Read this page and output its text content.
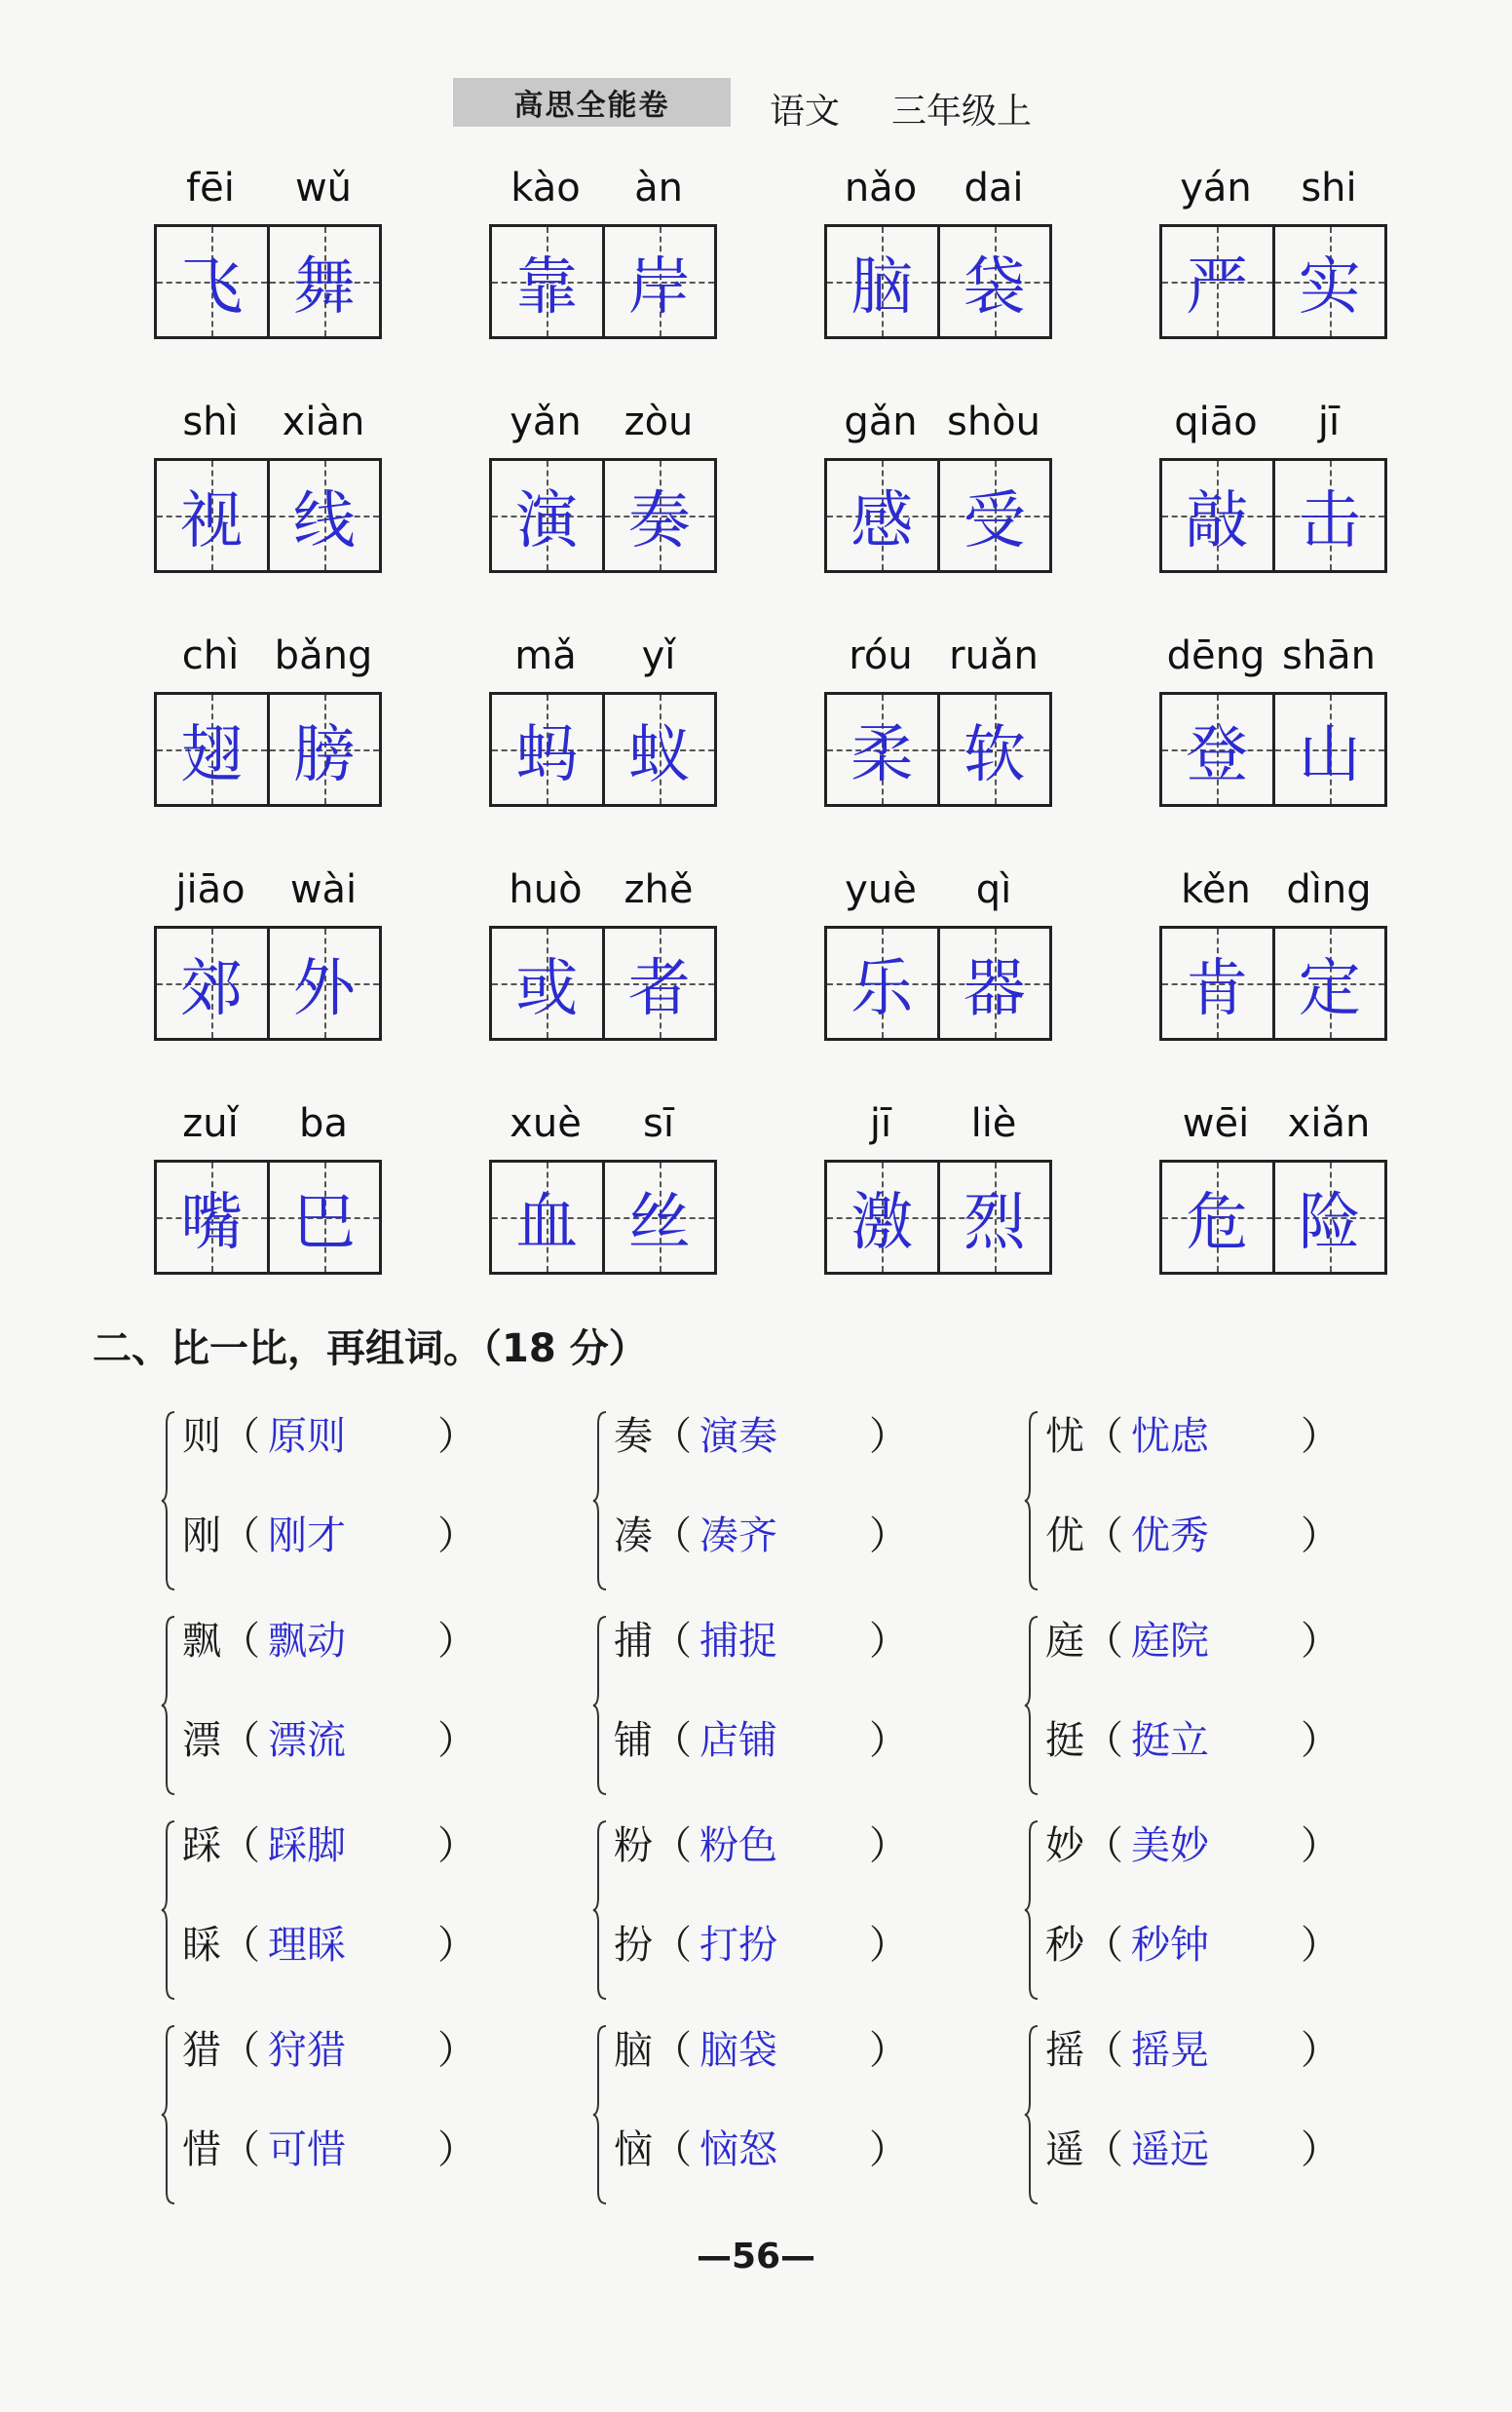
高思全能卷	语文 三年级上
fēi	wǔ
飞 舞
kào	àn
靠 岸
nǎo	dai
脑 袋
yán	shi
严 实
shì	xiàn
视 线
yǎn	zòu
演 奏
gǎn shòu
感 受
qiāo	jī
敲 击
chì bǎng
翅 膀
mǎ	yǐ
蚂 蚁
róu ruǎn
柔 软
dēng shān
登 山
jiāo	wài
郊 外
huò	zhě
或 者
yuè	qì
乐 器
kěn dìng
肯 定
zuǐ	ba
嘴 巴
xuè	sī
血 丝
jī	liè
激 烈
wēi xiǎn
危 险
二、比一比，再组词。（18 分）
则 （ 原则	）
刚 （ 刚才	）
奏 （ 演奏	）
凑 （ 凑齐	）
忧 （ 忧虑	）
优 （ 优秀	）
飘 （ 飘动	）
漂 （ 漂流	）
捕 （ 捕捉	）
铺 （ 店铺	）
庭 （ 庭院	）
挺 （ 挺立	）
踩 （ 踩脚	）
睬 （ 理睬	）
粉 （ 粉色	）
扮 （ 打扮	）
妙 （ 美妙	）
秒 （ 秒钟	）
猎 （ 狩猎	）
惜 （ 可惜	）
脑 （ 脑袋	）
恼 （ 恼怒	）
摇 （ 摇晃	）
遥 （ 遥远	）
—56—
